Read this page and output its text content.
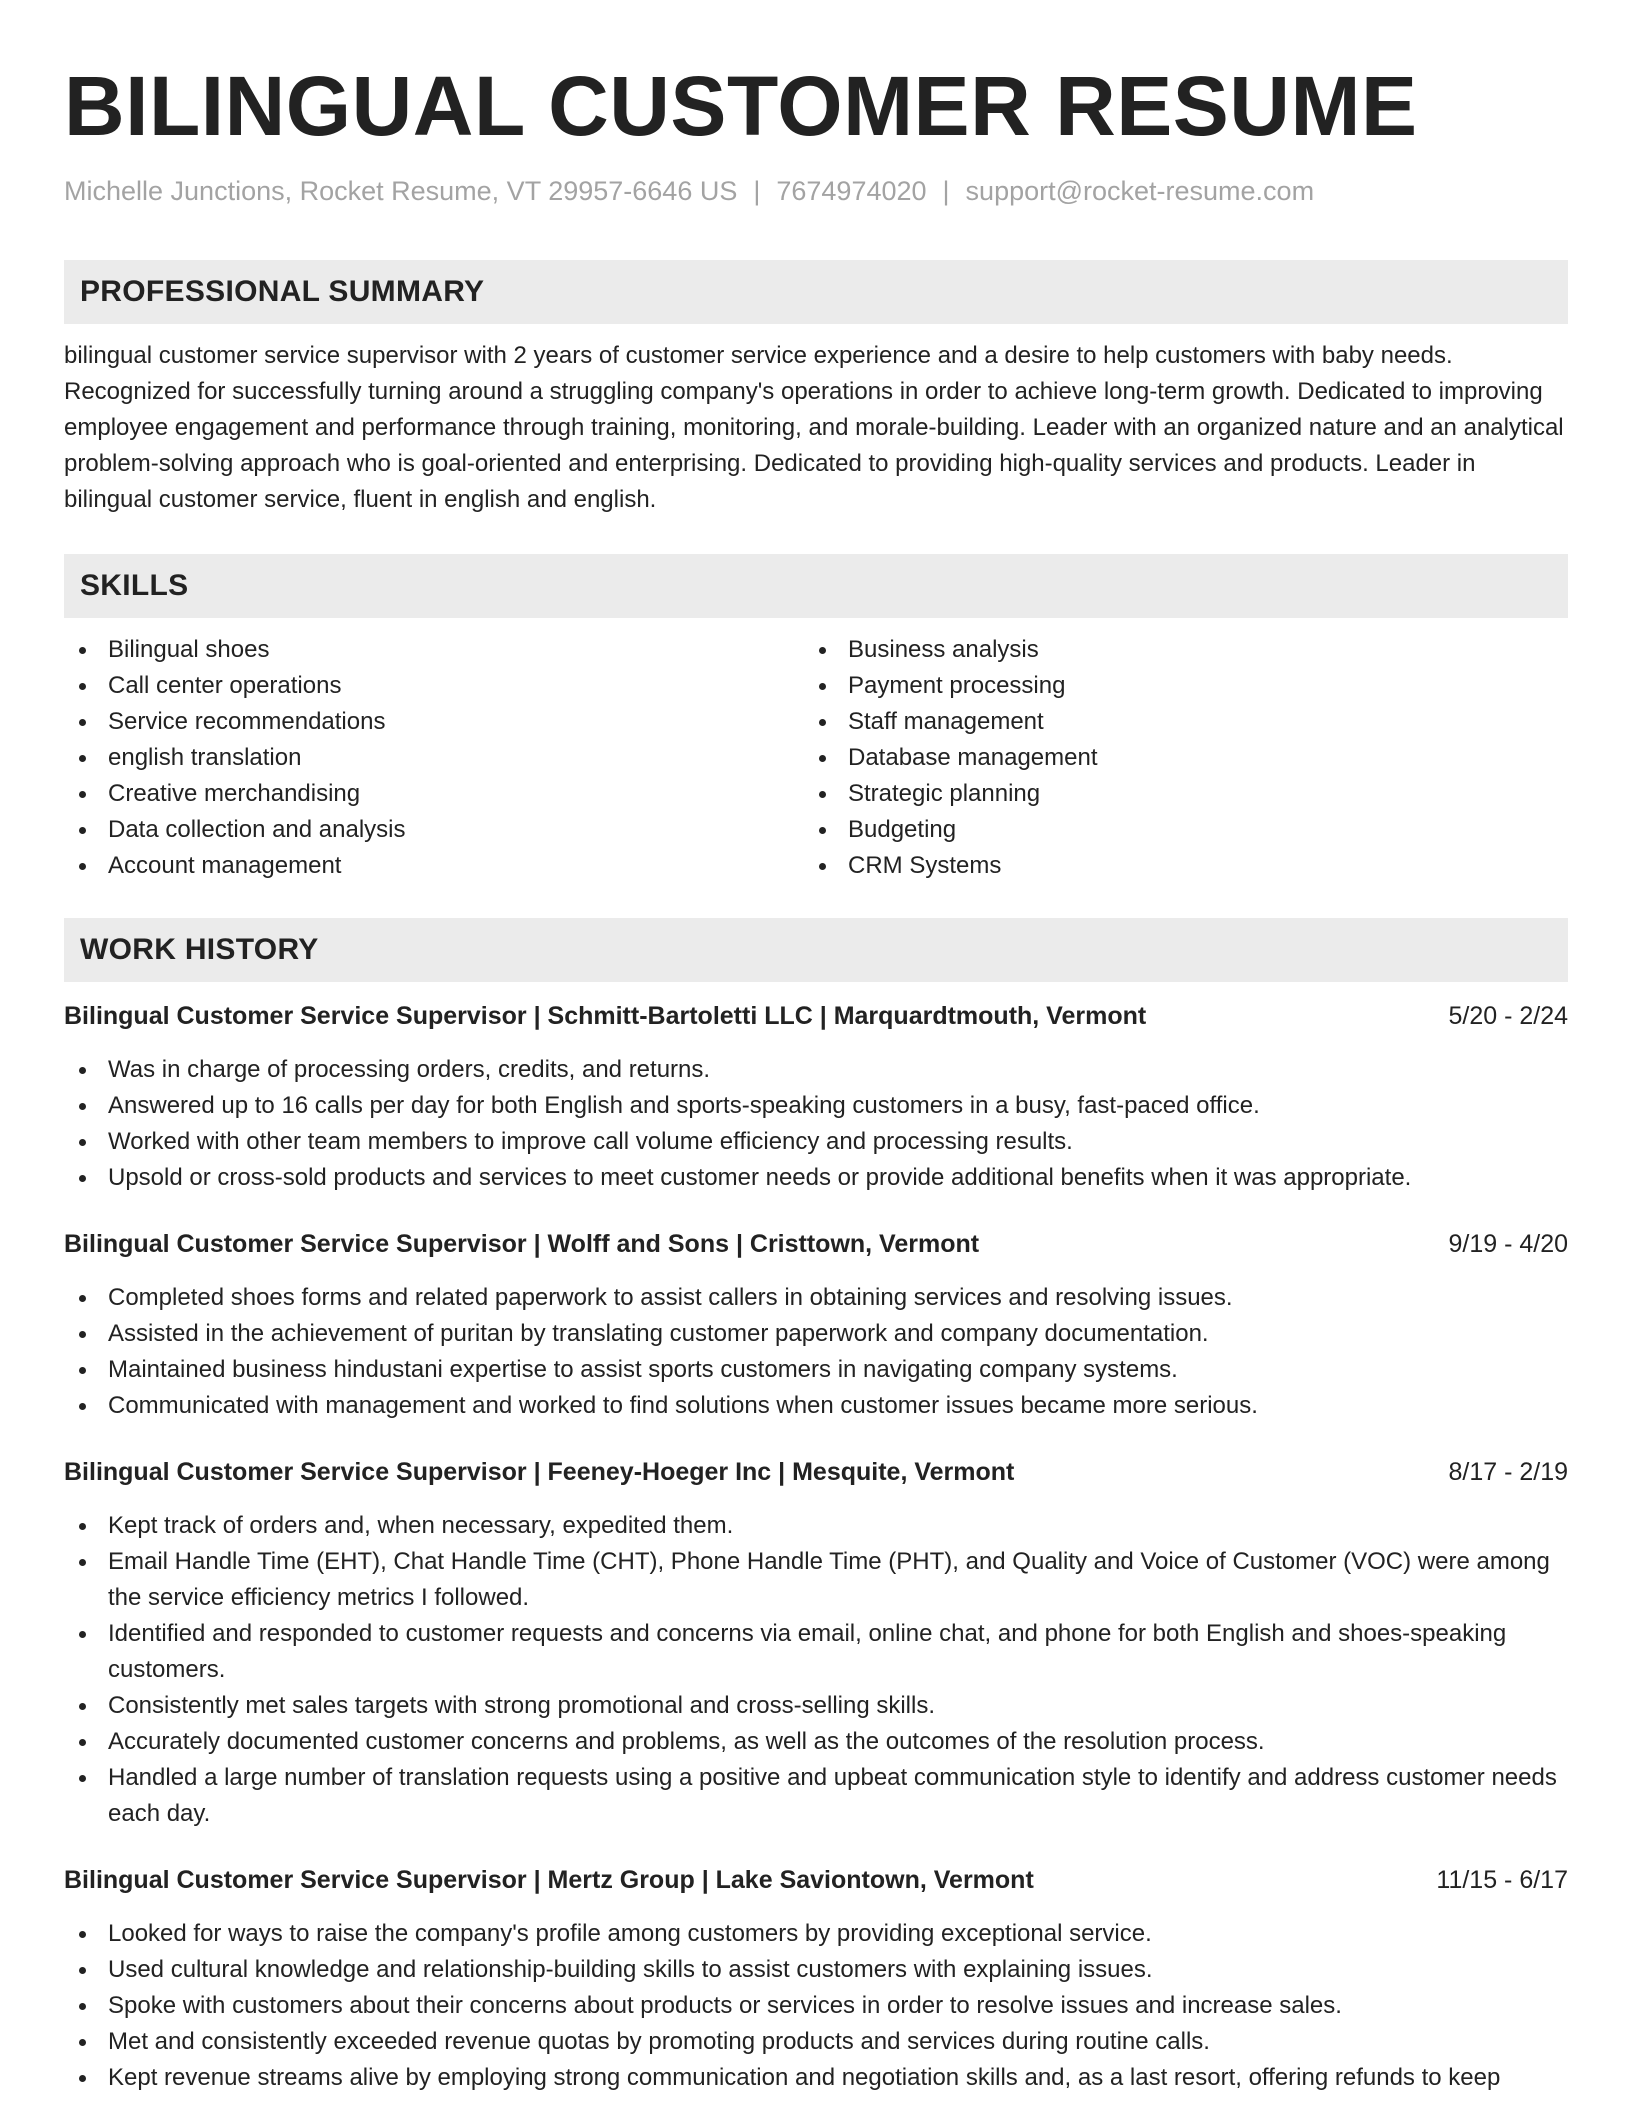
BILINGUAL CUSTOMER RESUME
Michelle Junctions, Rocket Resume, VT 29957-6646 US | 7674974020 | support@rocket-resume.com
PROFESSIONAL SUMMARY

bilingual customer service supervisor with 2 years of customer service experience and a desire to help customers with baby needs. Recognized for successfully turning around a struggling company's operations in order to achieve long-term growth. Dedicated to improving employee engagement and performance through training, monitoring, and morale-building. Leader with an organized nature and an analytical problem-solving approach who is goal-oriented and enterprising. Dedicated to providing high-quality services and products. Leader in bilingual customer service, fluent in english and english.

SKILLS
Bilingual shoes
Call center operations
Service recommendations
english translation
Creative merchandising
Data collection and analysis
Account management
Business analysis
Payment processing
Staff management
Database management
Strategic planning
Budgeting
CRM Systems
WORK HISTORY
Bilingual Customer Service Supervisor | Schmitt-Bartoletti LLC | Marquardtmouth, Vermont	5/20 - 2/24
Was in charge of processing orders, credits, and returns.
Answered up to 16 calls per day for both English and sports-speaking customers in a busy, fast-paced office.
Worked with other team members to improve call volume efficiency and processing results.
Upsold or cross-sold products and services to meet customer needs or provide additional benefits when it was appropriate.
Bilingual Customer Service Supervisor | Wolff and Sons | Cristtown, Vermont	9/19 - 4/20
Completed shoes forms and related paperwork to assist callers in obtaining services and resolving issues.
Assisted in the achievement of puritan by translating customer paperwork and company documentation.
Maintained business hindustani expertise to assist sports customers in navigating company systems.
Communicated with management and worked to find solutions when customer issues became more serious.
Bilingual Customer Service Supervisor | Feeney-Hoeger Inc | Mesquite, Vermont	8/17 - 2/19
Kept track of orders and, when necessary, expedited them.
Email Handle Time (EHT), Chat Handle Time (CHT), Phone Handle Time (PHT), and Quality and Voice of Customer (VOC) were among the service efficiency metrics I followed.
Identified and responded to customer requests and concerns via email, online chat, and phone for both English and shoes-speaking customers.
Consistently met sales targets with strong promotional and cross-selling skills.
Accurately documented customer concerns and problems, as well as the outcomes of the resolution process.
Handled a large number of translation requests using a positive and upbeat communication style to identify and address customer needs each day.
Bilingual Customer Service Supervisor | Mertz Group | Lake Saviontown, Vermont	11/15 - 6/17
Looked for ways to raise the company's profile among customers by providing exceptional service.
Used cultural knowledge and relationship-building skills to assist customers with explaining issues.
Spoke with customers about their concerns about products or services in order to resolve issues and increase sales.
Met and consistently exceeded revenue quotas by promoting products and services during routine calls.
Kept revenue streams alive by employing strong communication and negotiation skills and, as a last resort, offering refunds to keep
